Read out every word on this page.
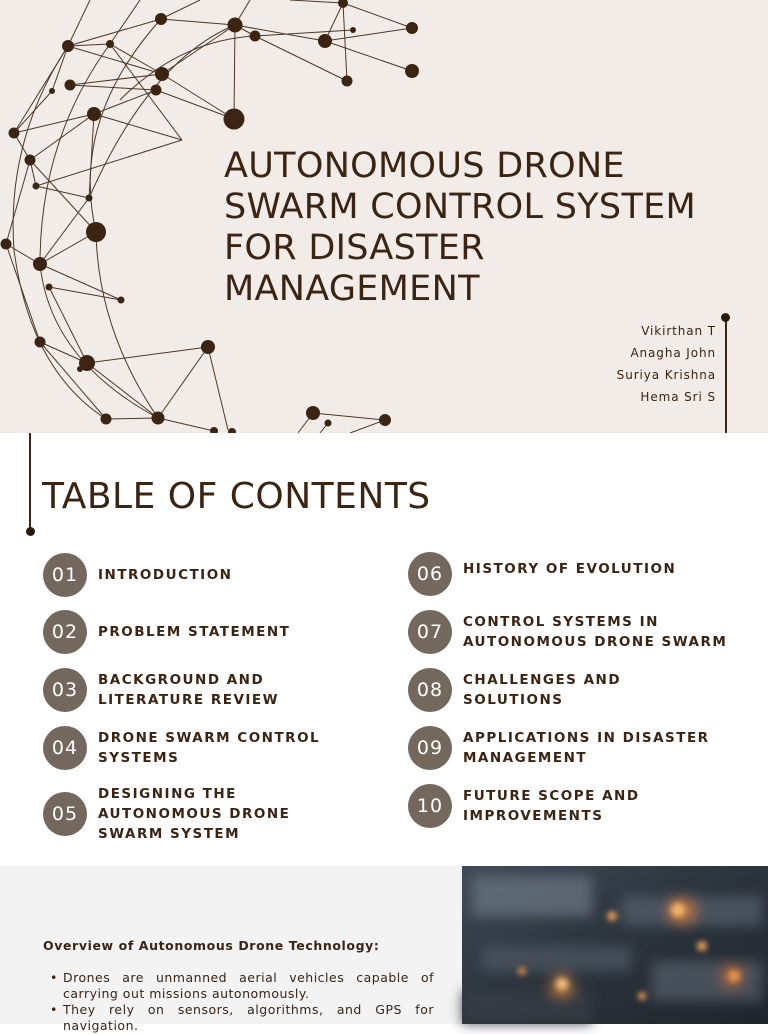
AUTONOMOUS DRONE SWARM CONTROL SYSTEM FOR DISASTER MANAGEMENT
Vikirthan T
Anagha John
Suriya Krishna
Hema Sri S
TABLE OF CONTENTS
01	INTRODUCTION
02	PROBLEM STATEMENT
03	BACKGROUND AND
LITERATURE REVIEW
04	DRONE SWARM CONTROL
SYSTEMS
05
DESIGNING THE
AUTONOMOUS DRONE
SWARM SYSTEM
06	HISTORY OF EVOLUTION
07	CONTROL SYSTEMS IN
AUTONOMOUS DRONE SWARM
08	CHALLENGES AND
SOLUTIONS
09	APPLICATIONS IN DISASTER
MANAGEMENT
10	FUTURE SCOPE AND
IMPROVEMENTS
Overview of Autonomous Drone Technology:
• Drones are unmanned aerial vehicles capable of carrying out missions autonomously.
• They rely on sensors, algorithms, and GPS for navigation.
